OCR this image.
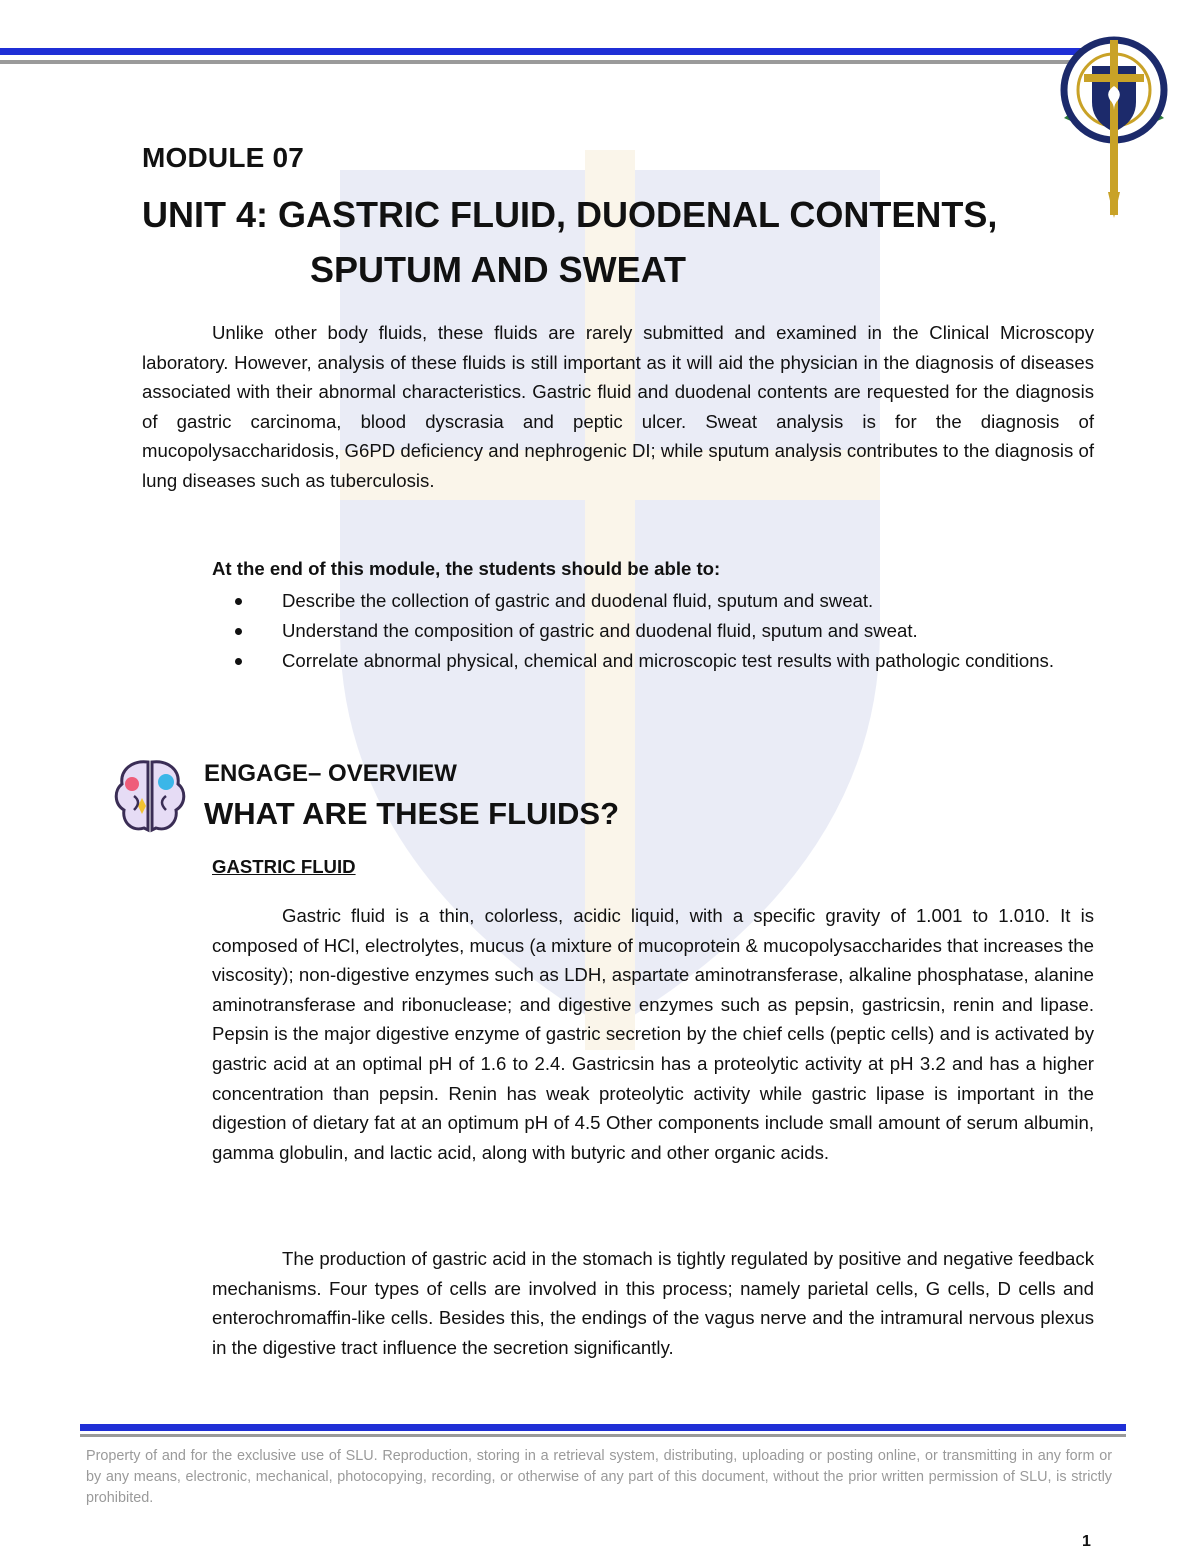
MODULE 07
UNIT 4: GASTRIC FLUID, DUODENAL CONTENTS,
SPUTUM AND SWEAT

Unlike other body fluids, these fluids are rarely submitted and examined in the Clinical Microscopy laboratory. However, analysis of these fluids is still important as it will aid the physician in the diagnosis of diseases associated with their abnormal characteristics. Gastric fluid and duodenal contents are requested for the diagnosis of gastric carcinoma, blood dyscrasia and peptic ulcer. Sweat analysis is for the diagnosis of mucopolysaccharidosis, G6PD deficiency and nephrogenic DI; while sputum analysis contributes to the diagnosis of lung diseases such as tuberculosis.

At the end of this module, the students should be able to:
Describe the collection of gastric and duodenal fluid, sputum and sweat.
Understand the composition of gastric and duodenal fluid, sputum and sweat.
Correlate abnormal physical, chemical and microscopic test results with pathologic conditions.
ENGAGE– OVERVIEW
WHAT ARE THESE FLUIDS?
GASTRIC FLUID

Gastric fluid is a thin, colorless, acidic liquid, with a specific gravity of 1.001 to 1.010. It is composed of HCl, electrolytes, mucus (a mixture of mucoprotein & mucopolysaccharides that increases the viscosity); non-digestive enzymes such as LDH, aspartate aminotransferase, alkaline phosphatase, alanine aminotransferase and ribonuclease; and digestive enzymes such as pepsin, gastricsin, renin and lipase. Pepsin is the major digestive enzyme of gastric secretion by the chief cells (peptic cells) and is activated by gastric acid at an optimal pH of 1.6 to 2.4. Gastricsin has a proteolytic activity at pH 3.2 and has a higher concentration than pepsin. Renin has weak proteolytic activity while gastric lipase is important in the digestion of dietary fat at an optimum pH of 4.5 Other components include small amount of serum albumin, gamma globulin, and lactic acid, along with butyric and other organic acids.

The production of gastric acid in the stomach is tightly regulated by positive and negative feedback mechanisms. Four types of cells are involved in this process; namely parietal cells, G cells, D cells and enterochromaffin-like cells. Besides this, the endings of the vagus nerve and the intramural nervous plexus in the digestive tract influence the secretion significantly.

Property of and for the exclusive use of SLU. Reproduction, storing in a retrieval system, distributing, uploading or posting online, or transmitting in any form or by any means, electronic, mechanical, photocopying, recording, or otherwise of any part of this document, without the prior written permission of SLU, is strictly prohibited.
1
